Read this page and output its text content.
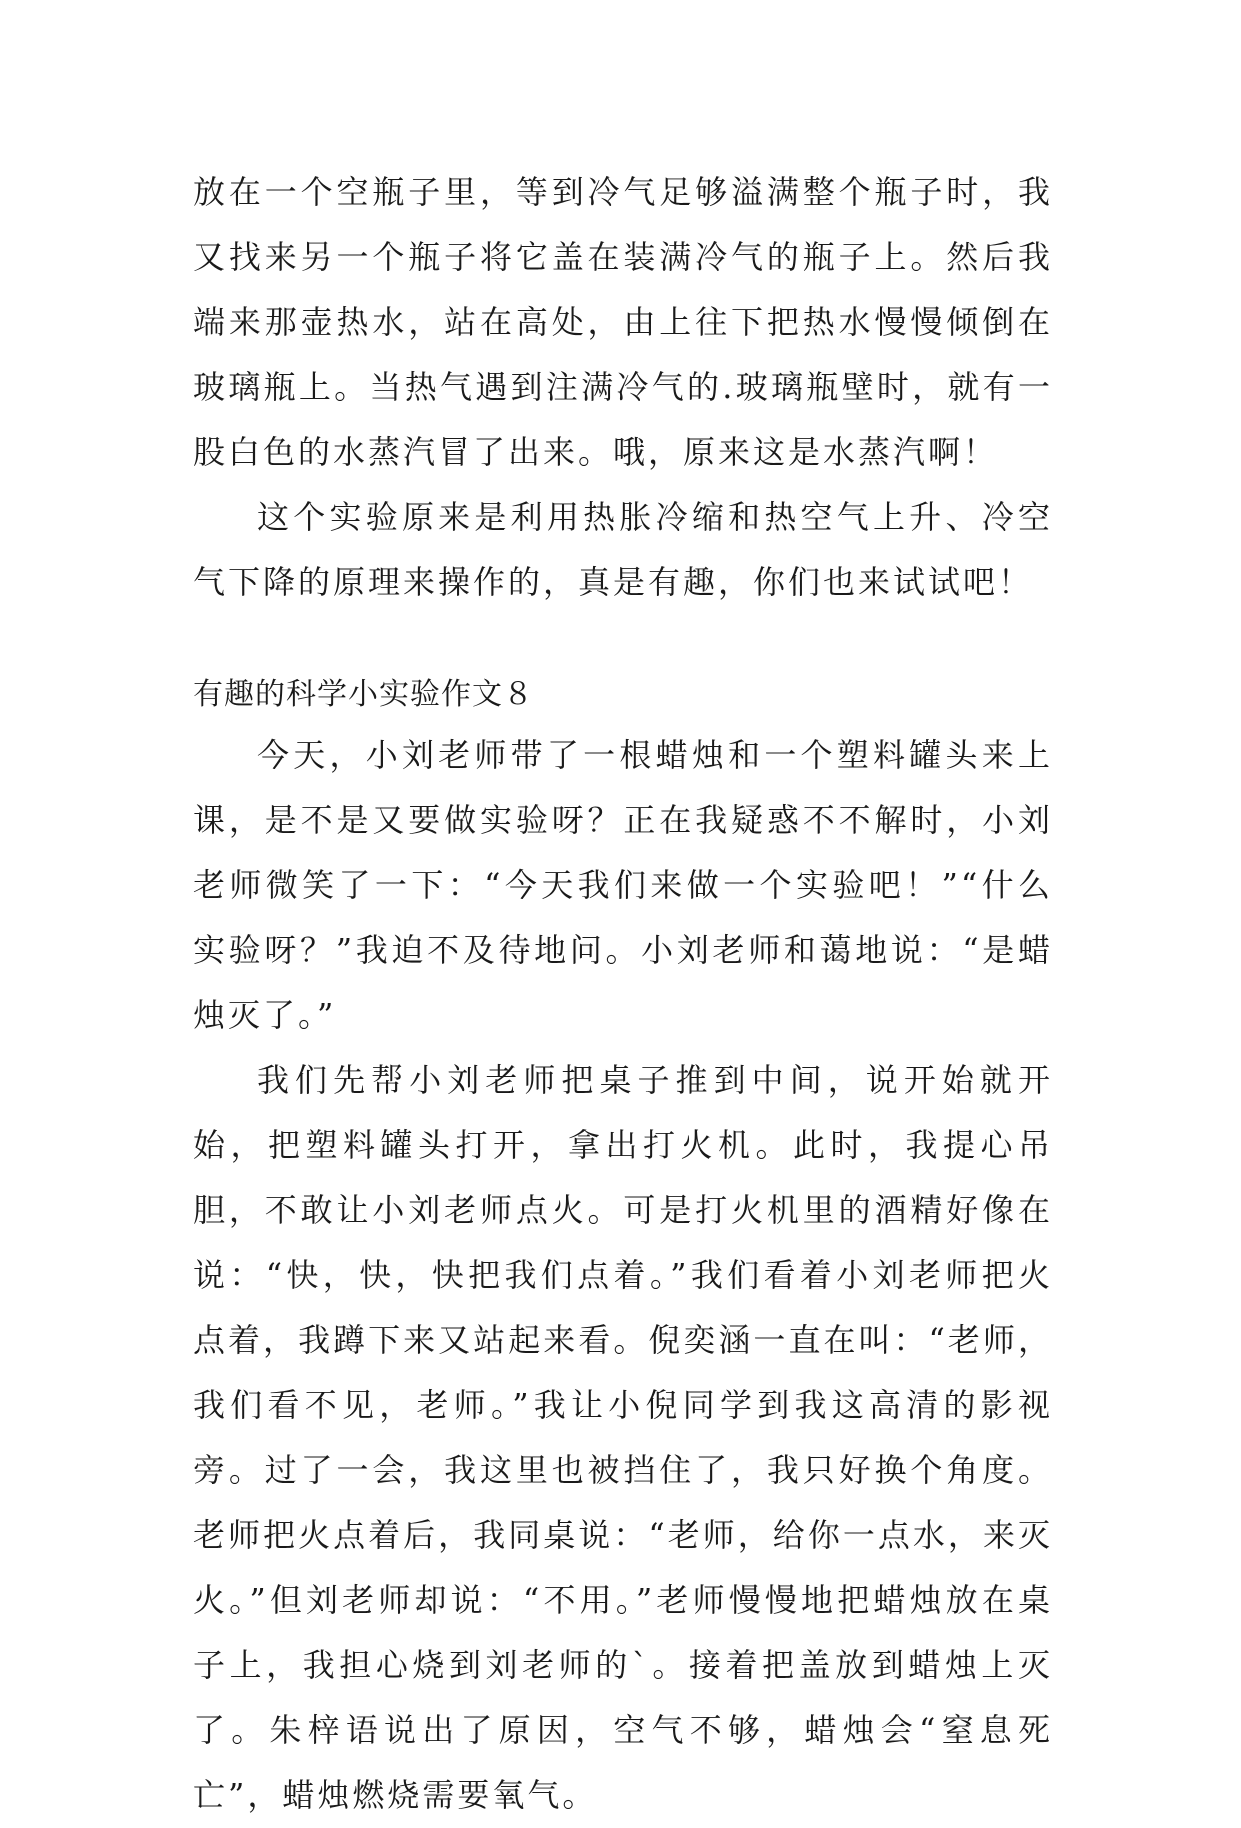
放在一个空瓶子里，等到冷气足够溢满整个瓶子时，我又找来另一个瓶子将它盖在装满冷气的瓶子上。然后我端来那壶热水，站在高处，由上往下把热水慢慢倾倒在玻璃瓶上。当热气遇到注满冷气的.玻璃瓶壁时，就有一股白色的水蒸汽冒了出来。哦，原来这是水蒸汽啊！

这个实验原来是利用热胀冷缩和热空气上升、冷空气下降的原理来操作的，真是有趣，你们也来试试吧！

有趣的科学小实验作文８

今天，小刘老师带了一根蜡烛和一个塑料罐头来上课，是不是又要做实验呀？正在我疑惑不不解时，小刘老师微笑了一下：“今天我们来做一个实验吧！”“什么实验呀？”我迫不及待地问。小刘老师和蔼地说：“是蜡烛灭了。”

我们先帮小刘老师把桌子推到中间，说开始就开始，把塑料罐头打开，拿出打火机。此时，我提心吊胆，不敢让小刘老师点火。可是打火机里的酒精好像在说：“快，快，快把我们点着。”我们看着小刘老师把火点着，我蹲下来又站起来看。倪奕涵一直在叫：“老师，我们看不见，老师。”我让小倪同学到我这高清的影视旁。过了一会，我这里也被挡住了，我只好换个角度。老师把火点着后，我同桌说：“老师，给你一点水，来灭火。”但刘老师却说：“不用。”老师慢慢地把蜡烛放在桌子上，我担心烧到刘老师的`。接着把盖放到蜡烛上灭了。朱梓语说出了原因，空气不够，蜡烛会“窒息死亡”，蜡烛燃烧需要氧气。
